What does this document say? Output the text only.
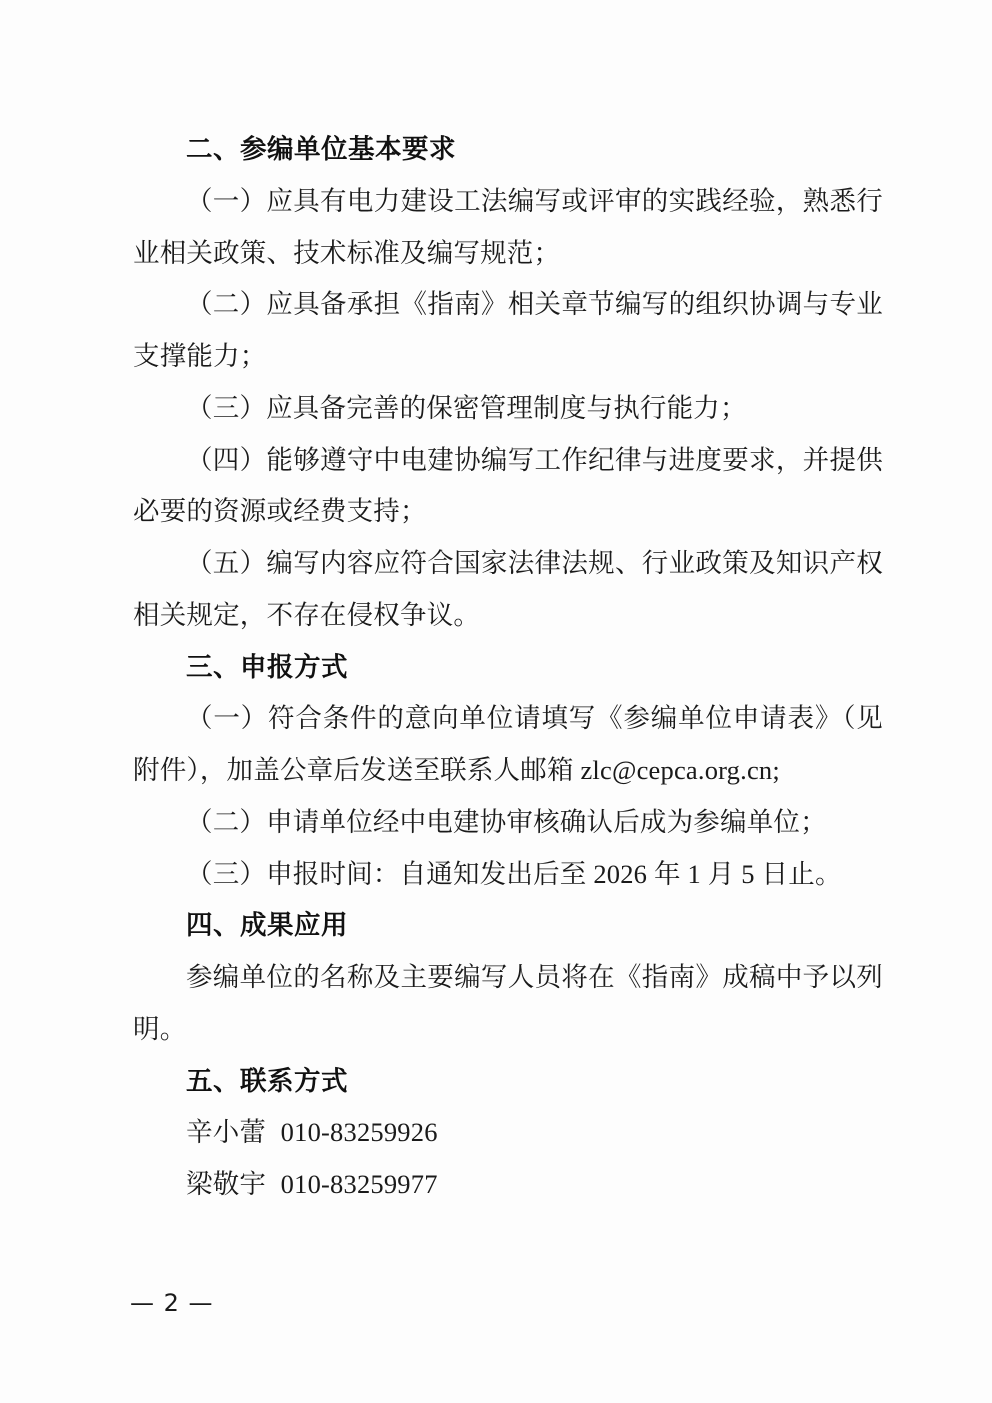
二、参编单位基本要求

（一）应具有电力建设工法编写或评审的实践经验，熟悉行业相关政策、技术标准及编写规范；

（二）应具备承担《指南》相关章节编写的组织协调与专业支撑能力；

（三）应具备完善的保密管理制度与执行能力；

（四）能够遵守中电建协编写工作纪律与进度要求，并提供必要的资源或经费支持；

（五）编写内容应符合国家法律法规、行业政策及知识产权相关规定，不存在侵权争议。

三、申报方式

（一）符合条件的意向单位请填写《参编单位申请表》（见附件），加盖公章后发送至联系人邮箱 zlc@cepca.org.cn;

（二）申请单位经中电建协审核确认后成为参编单位；

（三）申报时间：自通知发出后至 2026 年 1 月 5 日止。

四、成果应用

参编单位的名称及主要编写人员将在《指南》成稿中予以列明。

五、联系方式

辛小蕾 010-83259926

梁敬宇 010-83259977

— 2 —
